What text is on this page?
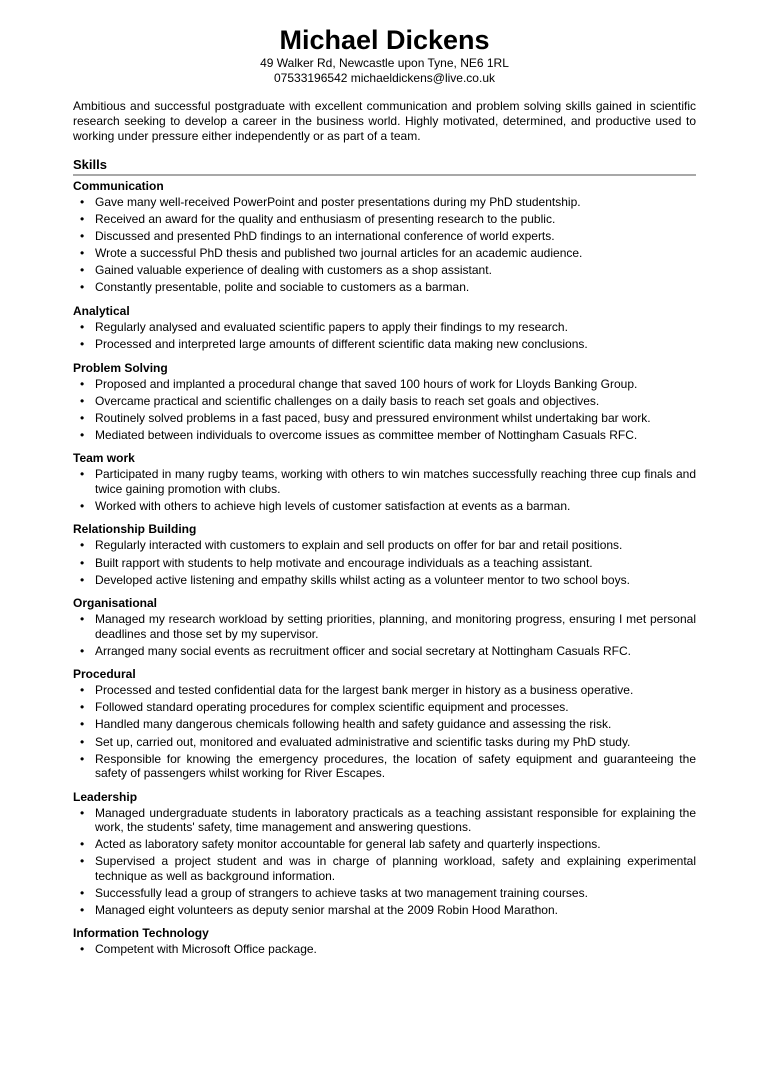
Michael Dickens
49 Walker Rd, Newcastle upon Tyne, NE6 1RL
07533196542 michaeldickens@live.co.uk
Ambitious and successful postgraduate with excellent communication and problem solving skills gained in scientific research seeking to develop a career in the business world. Highly motivated, determined, and productive used to working under pressure either independently or as part of a team.
Skills
Communication
• Gave many well-received PowerPoint and poster presentations during my PhD studentship.
• Received an award for the quality and enthusiasm of presenting research to the public.
• Discussed and presented PhD findings to an international conference of world experts.
• Wrote a successful PhD thesis and published two journal articles for an academic audience.
• Gained valuable experience of dealing with customers as a shop assistant.
• Constantly presentable, polite and sociable to customers as a barman.
Analytical
• Regularly analysed and evaluated scientific papers to apply their findings to my research.
• Processed and interpreted large amounts of different scientific data making new conclusions.
Problem Solving
• Proposed and implanted a procedural change that saved 100 hours of work for Lloyds Banking Group.
• Overcame practical and scientific challenges on a daily basis to reach set goals and objectives.
• Routinely solved problems in a fast paced, busy and pressured environment whilst undertaking bar work.
• Mediated between individuals to overcome issues as committee member of Nottingham Casuals RFC.
Team work
• Participated in many rugby teams, working with others to win matches successfully reaching three cup finals and twice gaining promotion with clubs.
• Worked with others to achieve high levels of customer satisfaction at events as a barman.
Relationship Building
• Regularly interacted with customers to explain and sell products on offer for bar and retail positions.
• Built rapport with students to help motivate and encourage individuals as a teaching assistant.
• Developed active listening and empathy skills whilst acting as a volunteer mentor to two school boys.
Organisational
• Managed my research workload by setting priorities, planning, and monitoring progress, ensuring I met personal deadlines and those set by my supervisor.
• Arranged many social events as recruitment officer and social secretary at Nottingham Casuals RFC.
Procedural
• Processed and tested confidential data for the largest bank merger in history as a business operative.
• Followed standard operating procedures for complex scientific equipment and processes.
• Handled many dangerous chemicals following health and safety guidance and assessing the risk.
• Set up, carried out, monitored and evaluated administrative and scientific tasks during my PhD study.
• Responsible for knowing the emergency procedures, the location of safety equipment and guaranteeing the safety of passengers whilst working for River Escapes.
Leadership
• Managed undergraduate students in laboratory practicals as a teaching assistant responsible for explaining the work, the students' safety, time management and answering questions.
• Acted as laboratory safety monitor accountable for general lab safety and quarterly inspections.
• Supervised a project student and was in charge of planning workload, safety and explaining experimental technique as well as background information.
• Successfully lead a group of strangers to achieve tasks at two management training courses.
• Managed eight volunteers as deputy senior marshal at the 2009 Robin Hood Marathon.
Information Technology
• Competent with Microsoft Office package.
